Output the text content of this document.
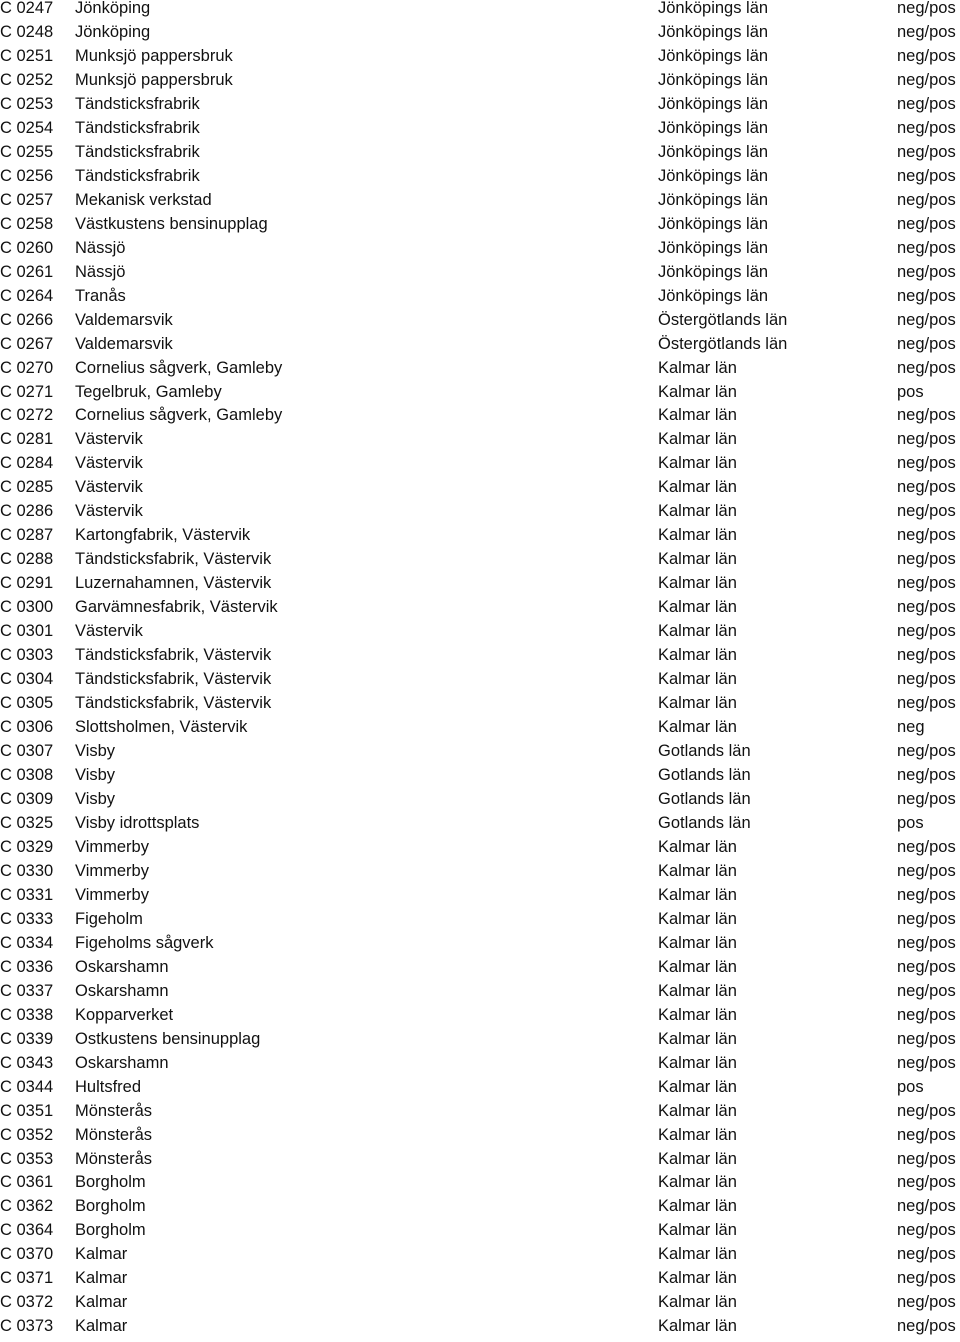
C 0247 Jönköping	Jönköpings län	neg/pos
C 0248 Jönköping	Jönköpings län	neg/pos
C 0251 Munksjö pappersbruk	Jönköpings län	neg/pos
C 0252 Munksjö pappersbruk	Jönköpings län	neg/pos
C 0253 Tändsticksfrabrik	Jönköpings län	neg/pos
C 0254 Tändsticksfrabrik	Jönköpings län	neg/pos
C 0255 Tändsticksfrabrik	Jönköpings län	neg/pos
C 0256 Tändsticksfrabrik	Jönköpings län	neg/pos
C 0257 Mekanisk verkstad	Jönköpings län	neg/pos
C 0258 Västkustens bensinupplag	Jönköpings län	neg/pos
C 0260 Nässjö	Jönköpings län	neg/pos
C 0261 Nässjö	Jönköpings län	neg/pos
C 0264 Tranås	Jönköpings län	neg/pos
C 0266 Valdemarsvik	Östergötlands län	neg/pos
C 0267 Valdemarsvik	Östergötlands län	neg/pos
C 0270 Cornelius sågverk, Gamleby	Kalmar län	neg/pos
C 0271 Tegelbruk, Gamleby	Kalmar län	pos
C 0272 Cornelius sågverk, Gamleby	Kalmar län	neg/pos
C 0281 Västervik	Kalmar län	neg/pos
C 0284 Västervik	Kalmar län	neg/pos
C 0285 Västervik	Kalmar län	neg/pos
C 0286 Västervik	Kalmar län	neg/pos
C 0287 Kartongfabrik, Västervik	Kalmar län	neg/pos
C 0288 Tändsticksfabrik, Västervik	Kalmar län	neg/pos
C 0291 Luzernahamnen, Västervik	Kalmar län	neg/pos
C 0300 Garvämnesfabrik, Västervik	Kalmar län	neg/pos
C 0301 Västervik	Kalmar län	neg/pos
C 0303 Tändsticksfabrik, Västervik	Kalmar län	neg/pos
C 0304 Tändsticksfabrik, Västervik	Kalmar län	neg/pos
C 0305 Tändsticksfabrik, Västervik	Kalmar län	neg/pos
C 0306 Slottsholmen, Västervik	Kalmar län	neg
C 0307 Visby	Gotlands län	neg/pos
C 0308 Visby	Gotlands län	neg/pos
C 0309 Visby	Gotlands län	neg/pos
C 0325 Visby idrottsplats	Gotlands län	pos
C 0329 Vimmerby	Kalmar län	neg/pos
C 0330 Vimmerby	Kalmar län	neg/pos
C 0331 Vimmerby	Kalmar län	neg/pos
C 0333 Figeholm	Kalmar län	neg/pos
C 0334 Figeholms sågverk	Kalmar län	neg/pos
C 0336 Oskarshamn	Kalmar län	neg/pos
C 0337 Oskarshamn	Kalmar län	neg/pos
C 0338 Kopparverket	Kalmar län	neg/pos
C 0339 Ostkustens bensinupplag	Kalmar län	neg/pos
C 0343 Oskarshamn	Kalmar län	neg/pos
C 0344 Hultsfred	Kalmar län	pos
C 0351 Mönsterås	Kalmar län	neg/pos
C 0352 Mönsterås	Kalmar län	neg/pos
C 0353 Mönsterås	Kalmar län	neg/pos
C 0361 Borgholm	Kalmar län	neg/pos
C 0362 Borgholm	Kalmar län	neg/pos
C 0364 Borgholm	Kalmar län	neg/pos
C 0370 Kalmar	Kalmar län	neg/pos
C 0371 Kalmar	Kalmar län	neg/pos
C 0372 Kalmar	Kalmar län	neg/pos
C 0373 Kalmar	Kalmar län	neg/pos
